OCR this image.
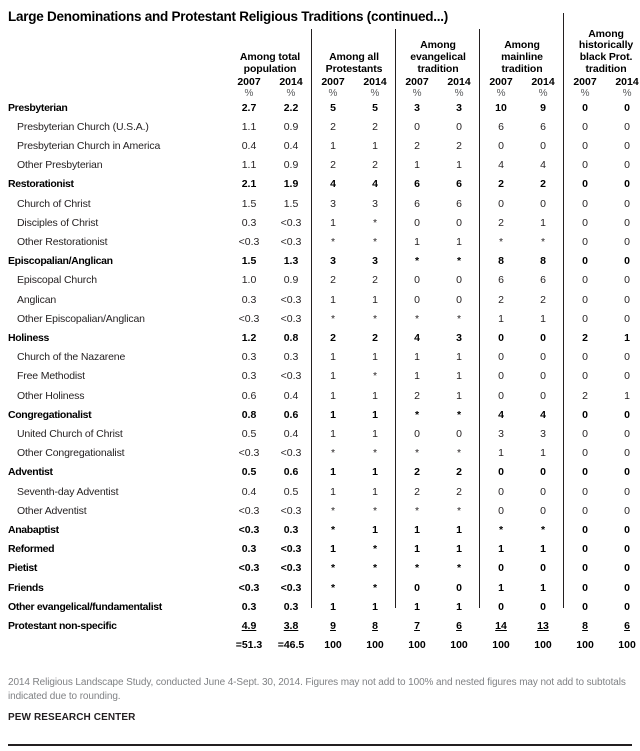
Large Denominations and Protestant Religious Traditions (continued...)
	Among total
population		Among all
Protestants		Among
evangelical
tradition		Among
mainline
tradition		Among
historically
black Prot.
tradition	
	2007	2014	2007	2014	2007	2014	2007	2014	2007	2014
	%	%	%	%	%	%	%	%	%	%
Presbyterian	2.7	2.2	5	5	3	3	10	9	0	0
Presbyterian Church (U.S.A.)	1.1	0.9	2	2	0	0	6	6	0	0
Presbyterian Church in America	0.4	0.4	1	1	2	2	0	0	0	0
Other Presbyterian	1.1	0.9	2	2	1	1	4	4	0	0
Restorationist	2.1	1.9	4	4	6	6	2	2	0	0
Church of Christ	1.5	1.5	3	3	6	6	0	0	0	0
Disciples of Christ	0.3	<0.3	1	*	0	0	2	1	0	0
Other Restorationist	<0.3	<0.3	*	*	1	1	*	*	0	0
Episcopalian/Anglican	1.5	1.3	3	3	*	*	8	8	0	0
Episcopal Church	1.0	0.9	2	2	0	0	6	6	0	0
Anglican	0.3	<0.3	1	1	0	0	2	2	0	0
Other Episcopalian/Anglican	<0.3	<0.3	*	*	*	*	1	1	0	0
Holiness	1.2	0.8	2	2	4	3	0	0	2	1
Church of the Nazarene	0.3	0.3	1	1	1	1	0	0	0	0
Free Methodist	0.3	<0.3	1	*	1	1	0	0	0	0
Other Holiness	0.6	0.4	1	1	2	1	0	0	2	1
Congregationalist	0.8	0.6	1	1	*	*	4	4	0	0
United Church of Christ	0.5	0.4	1	1	0	0	3	3	0	0
Other Congregationalist	<0.3	<0.3	*	*	*	*	1	1	0	0
Adventist	0.5	0.6	1	1	2	2	0	0	0	0
Seventh-day Adventist	0.4	0.5	1	1	2	2	0	0	0	0
Other Adventist	<0.3	<0.3	*	*	*	*	0	0	0	0
Anabaptist	<0.3	0.3	*	1	1	1	*	*	0	0
Reformed	0.3	<0.3	1	*	1	1	1	1	0	0
Pietist	<0.3	<0.3	*	*	*	*	0	0	0	0
Friends	<0.3	<0.3	*	*	0	0	1	1	0	0
Other evangelical/fundamentalist	0.3	0.3	1	1	1	1	0	0	0	0
Protestant non-specific	4.9	3.8	9	8	7	6	14	13	8	6
	=51.3	=46.5	100	100	100	100	100	100	100	100
2014 Religious Landscape Study, conducted June 4-Sept. 30, 2014. Figures may not add to 100% and nested figures may not add to subtotals indicated due to rounding.
PEW RESEARCH CENTER
